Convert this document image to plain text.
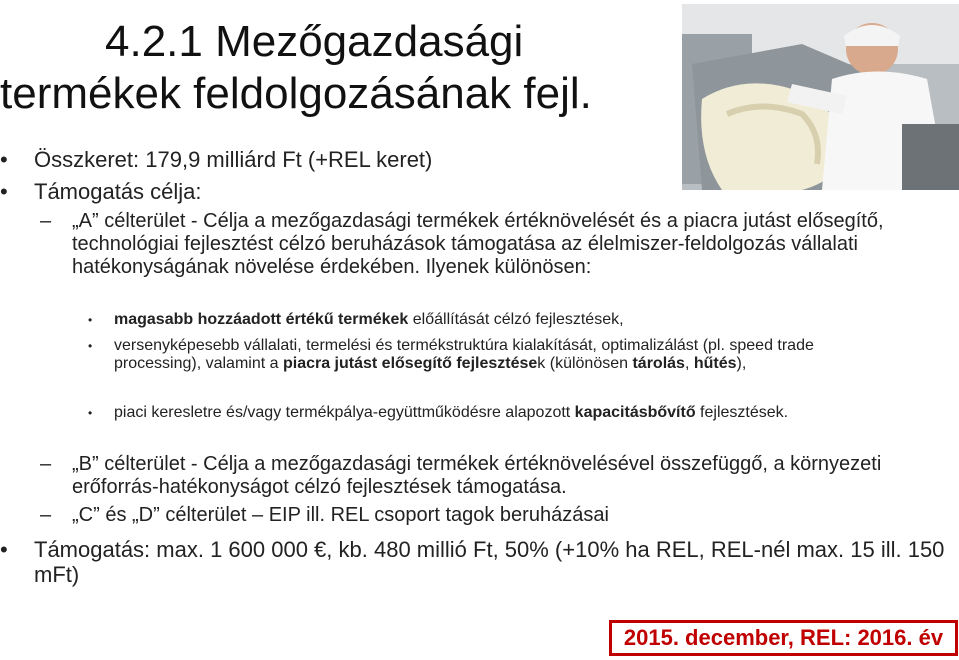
4.2.1 Mezőgazdasági
termékek feldolgozásának fejl.
• Összkeret: 179,9 milliárd Ft (+REL keret)
• Támogatás célja:
– „A” célterület - Célja a mezőgazdasági termékek értéknövelését és a piacra jutást elősegítő, technológiai fejlesztést célzó beruházások támogatása az élelmiszer-feldolgozás vállalati hatékonyságának növelése érdekében. Ilyenek különösen:
• magasabb hozzáadott értékű termékek előállítását célzó fejlesztések,
• versenyképesebb vállalati, termelési és termékstruktúra kialakítását, optimalizálást (pl. speed trade processing), valamint a piacra jutást elősegítő fejlesztések (különösen tárolás, hűtés),
• piaci keresletre és/vagy termékpálya-együttműködésre alapozott kapacitásbővítő fejlesztések.
– „B” célterület - Célja a mezőgazdasági termékek értéknövelésével összefüggő, a környezeti erőforrás-hatékonyságot célzó fejlesztések támogatása.
– „C” és „D” célterület – EIP ill. REL csoport tagok beruházásai
• Támogatás: max. 1 600 000 €, kb. 480 millió Ft, 50% (+10% ha REL, REL-nél max. 15 ill. 150 mFt)
2015. december, REL: 2016. év
